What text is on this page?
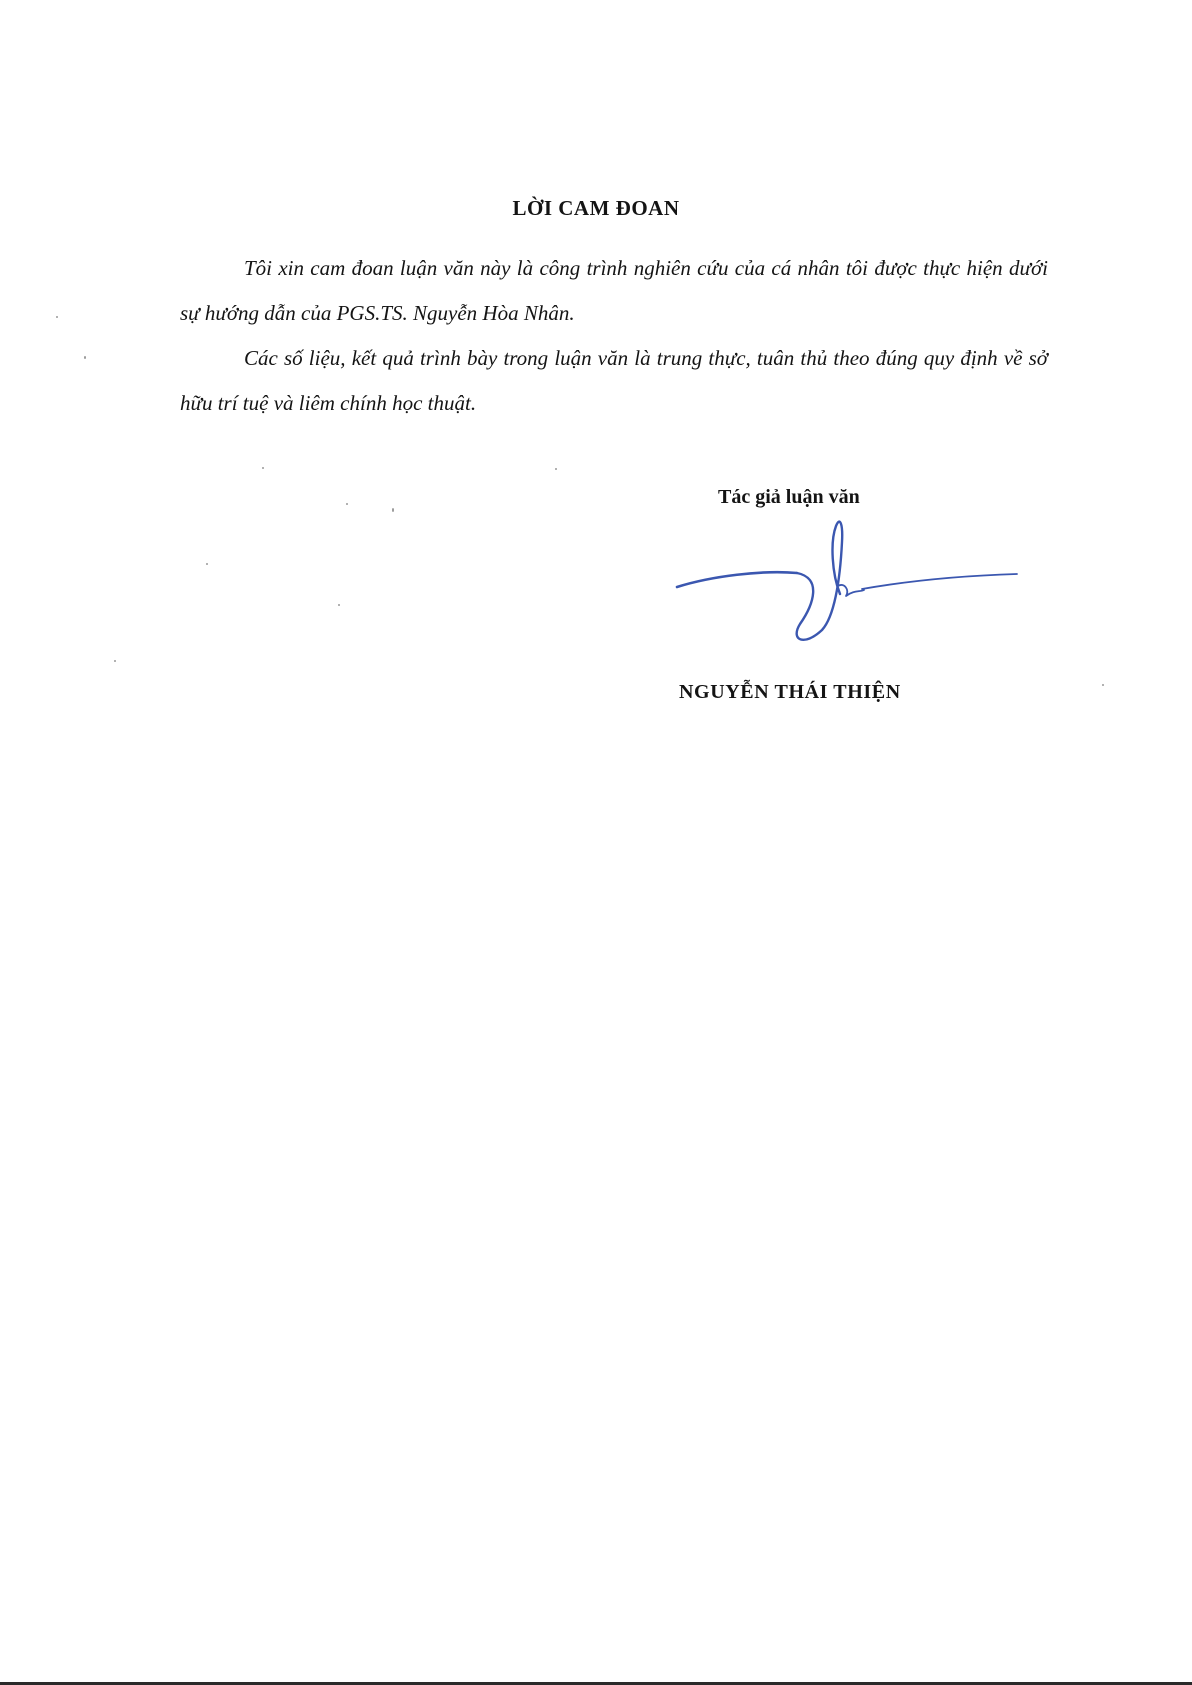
LỜI CAM ĐOAN

Tôi xin cam đoan luận văn này là công trình nghiên cứu của cá nhân tôi được thực hiện dưới sự hướng dẫn của PGS.TS. Nguyễn Hòa Nhân.

Các số liệu, kết quả trình bày trong luận văn là trung thực, tuân thủ theo đúng quy định về sở hữu trí tuệ và liêm chính học thuật.

Tác giả luận văn
NGUYỄN THÁI THIỆN
